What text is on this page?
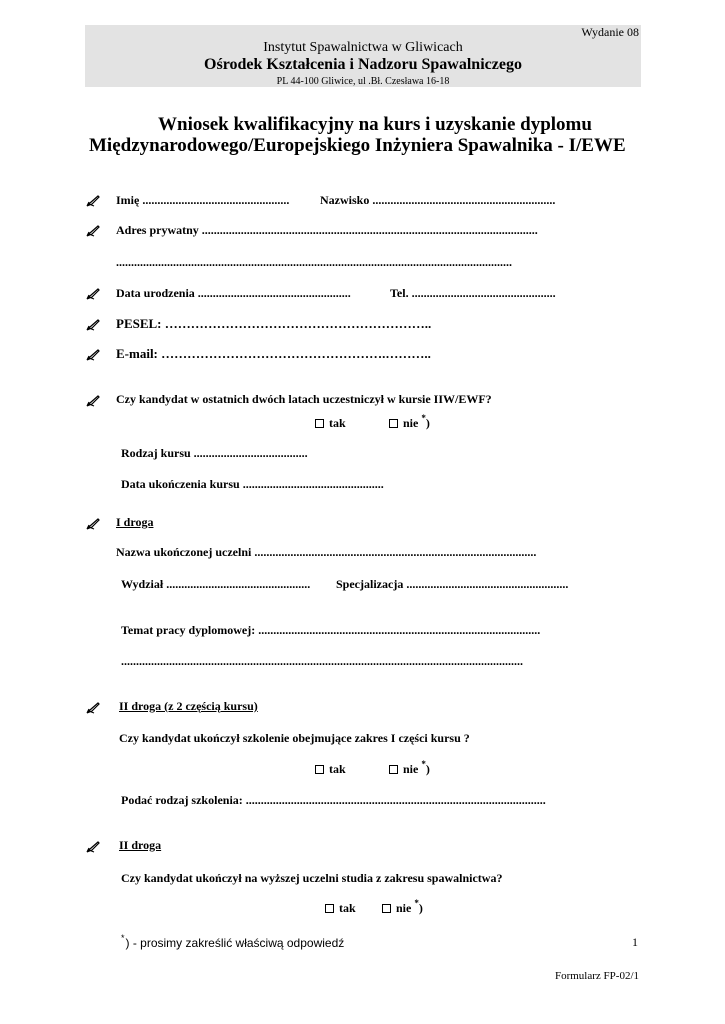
Wydanie 08
Instytut Spawalnictwa w Gliwicach
Ośrodek Kształcenia i Nadzoru Spawalniczego
PL 44-100 Gliwice, ul .Bł. Czesława 16-18
Wniosek kwalifikacyjny na kurs i uzyskanie dyplomu
Międzynarodowego/Europejskiego Inżyniera Spawalnika - I/EWE
Imię .................................................	Nazwisko .............................................................
Adres prywatny ................................................................................................................
....................................................................................................................................
Data urodzenia ...................................................	Tel. ................................................
PESEL: ……………………………………………………..
E-mail: …………………………………………….………..
Czy kandydat w ostatnich dwóch latach uczestniczył w kursie IIW/EWF?
tak	nie *)
Rodzaj kursu ......................................
Data ukończenia kursu ...............................................
I droga
Nazwa ukończonej uczelni ..............................................................................................
Wydział ................................................ Specjalizacja ......................................................
Temat pracy dyplomowej: ..............................................................................................
......................................................................................................................................
II droga (z 2 częścią kursu)
Czy kandydat ukończył szkolenie obejmujące zakres I części kursu ?
tak	nie *)
Podać rodzaj szkolenia: ....................................................................................................
II droga
Czy kandydat ukończył na wyższej uczelni studia z zakresu spawalnictwa?
tak	nie *)
*) - prosimy zakreślić właściwą odpowiedź	1
Formularz FP-02/1
